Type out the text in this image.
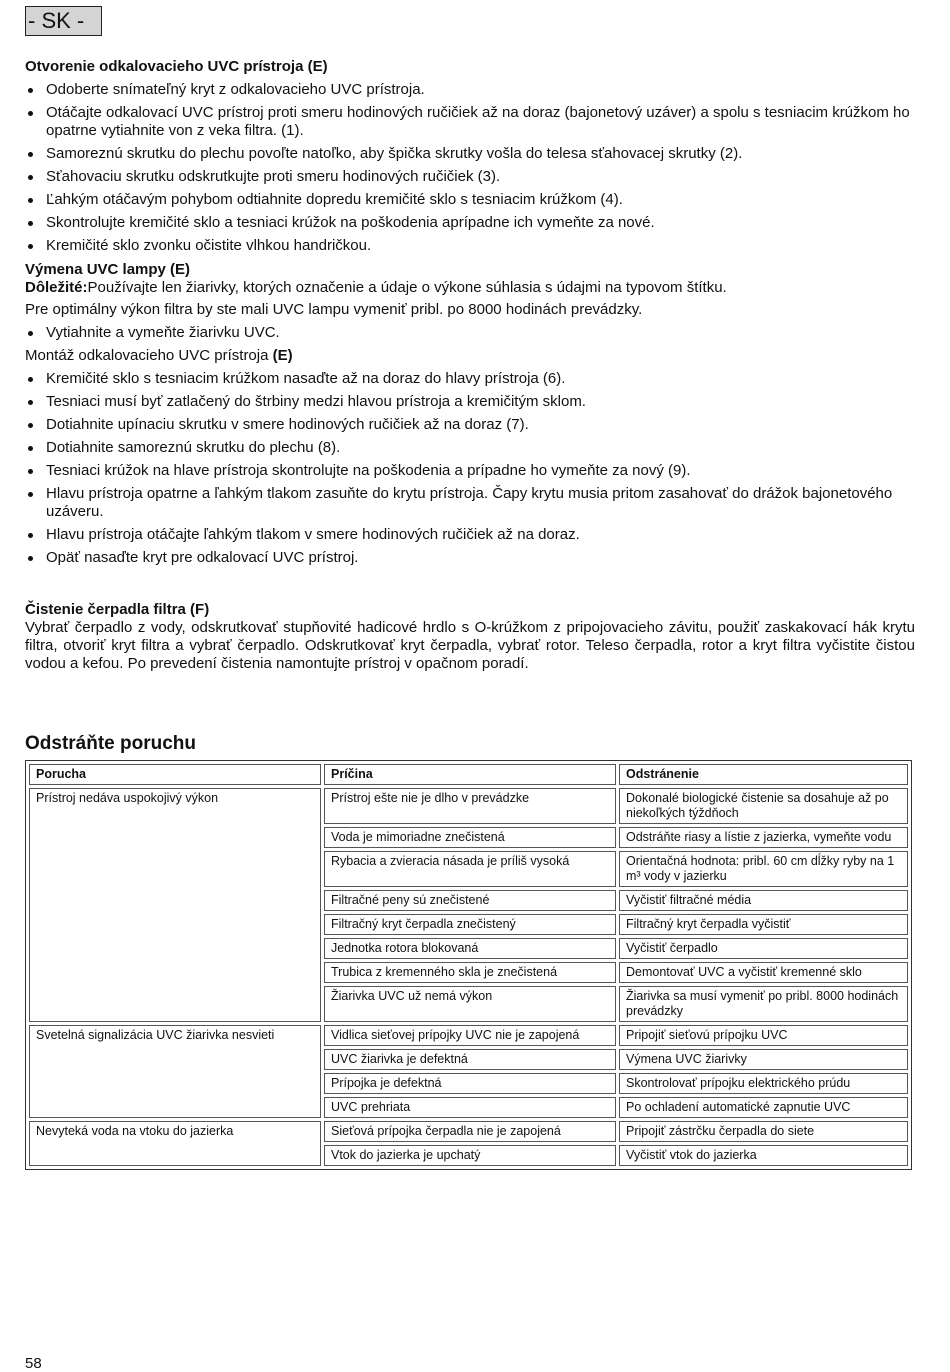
- SK -

Otvorenie odkalovacieho UVC prístroja (E)

Odoberte snímateľný kryt z odkalovacieho UVC prístroja.
Otáčajte odkalovací UVC prístroj proti smeru hodinových ručičiek až na doraz (bajonetový uzáver) a spolu s tesniacim krúžkom ho opatrne vytiahnite von z veka filtra. (1).
Samoreznú skrutku do plechu povoľte natoľko, aby špička skrutky vošla do telesa sťahovacej skrutky (2).
Sťahovaciu skrutku odskrutkujte proti smeru hodinových ručičiek (3).
Ľahkým otáčavým pohybom odtiahnite dopredu kremičité sklo s tesniacim krúžkom (4).
Skontrolujte kremičité sklo a tesniaci krúžok na poškodenia aprípadne ich vymeňte za nové.
Kremičité sklo zvonku očistite vlhkou handričkou.

Výmena UVC lampy (E)

Dôležité:Používajte len žiarivky, ktorých označenie a údaje o výkone súhlasia s údajmi na typovom štítku.

Pre optimálny výkon filtra by ste mali UVC lampu vymeniť pribl. po 8000 hodinách prevádzky.

Vytiahnite a vymeňte žiarivku UVC.

Montáž odkalovacieho UVC prístroja (E)

Kremičité sklo s tesniacim krúžkom nasaďte až na doraz do hlavy prístroja (6).
Tesniaci musí byť zatlačený do štrbiny medzi hlavou prístroja a kremičitým sklom.
Dotiahnite upínaciu skrutku v smere hodinových ručičiek až na doraz (7).
Dotiahnite samoreznú skrutku do plechu (8).
Tesniaci krúžok na hlave prístroja skontrolujte na poškodenia a prípadne ho vymeňte za nový (9).
Hlavu prístroja opatrne a ľahkým tlakom zasuňte do krytu prístroja. Čapy krytu musia pritom zasahovať do drážok bajonetového uzáveru.
Hlavu prístroja otáčajte ľahkým tlakom v smere hodinových ručičiek až na doraz.
Opäť nasaďte kryt pre odkalovací UVC prístroj.

Čistenie čerpadla filtra (F)

Vybrať čerpadlo z vody, odskrutkovať stupňovité hadicové hrdlo s O-krúžkom z pripojovacieho závitu, použiť zaskakovací hák krytu filtra, otvoriť kryt filtra a vybrať čerpadlo. Odskrutkovať kryt čerpadla, vybrať rotor. Teleso čerpadla, rotor a kryt filtra vyčistite čistou vodou a kefou. Po prevedení čistenia namontujte prístroj v opačnom poradí.

Odstráňte poruchu
Porucha	Príčina	Odstránenie
Prístroj nedáva uspokojivý výkon	Prístroj ešte nie je dlho v prevádzke	Dokonalé biologické čistenie sa dosahuje až po niekoľkých týždňoch
	Voda je mimoriadne znečistená	Odstráňte riasy a lístie z jazierka, vymeňte vodu
	Rybacia a zvieracia násada je príliš vysoká	Orientačná hodnota: pribl. 60 cm dĺžky ryby na 1 m³ vody v jazierku
	Filtračné peny sú znečistené	Vyčistiť filtračné média
	Filtračný kryt čerpadla znečistený	Filtračný kryt čerpadla vyčistiť
	Jednotka rotora blokovaná	Vyčistiť čerpadlo
	Trubica z kremenného skla je znečistená	Demontovať UVC a vyčistiť kremenné sklo
	Žiarivka UVC už nemá výkon	Žiarivka sa musí vymeniť po pribl. 8000 hodinách prevádzky
Svetelná signalizácia UVC žiarivka nesvieti	Vidlica sieťovej prípojky UVC nie je zapojená	Pripojiť sieťovú prípojku UVC
	UVC žiarivka je defektná	Výmena UVC žiarivky
	Prípojka je defektná	Skontrolovať prípojku elektrického prúdu
	UVC prehriata	Po ochladení automatické zapnutie UVC
Nevyteká voda na vtoku do jazierka	Sieťová prípojka čerpadla nie je zapojená	Pripojiť zástrčku čerpadla do siete
	Vtok do jazierka je upchatý	Vyčistiť vtok do jazierka
58
